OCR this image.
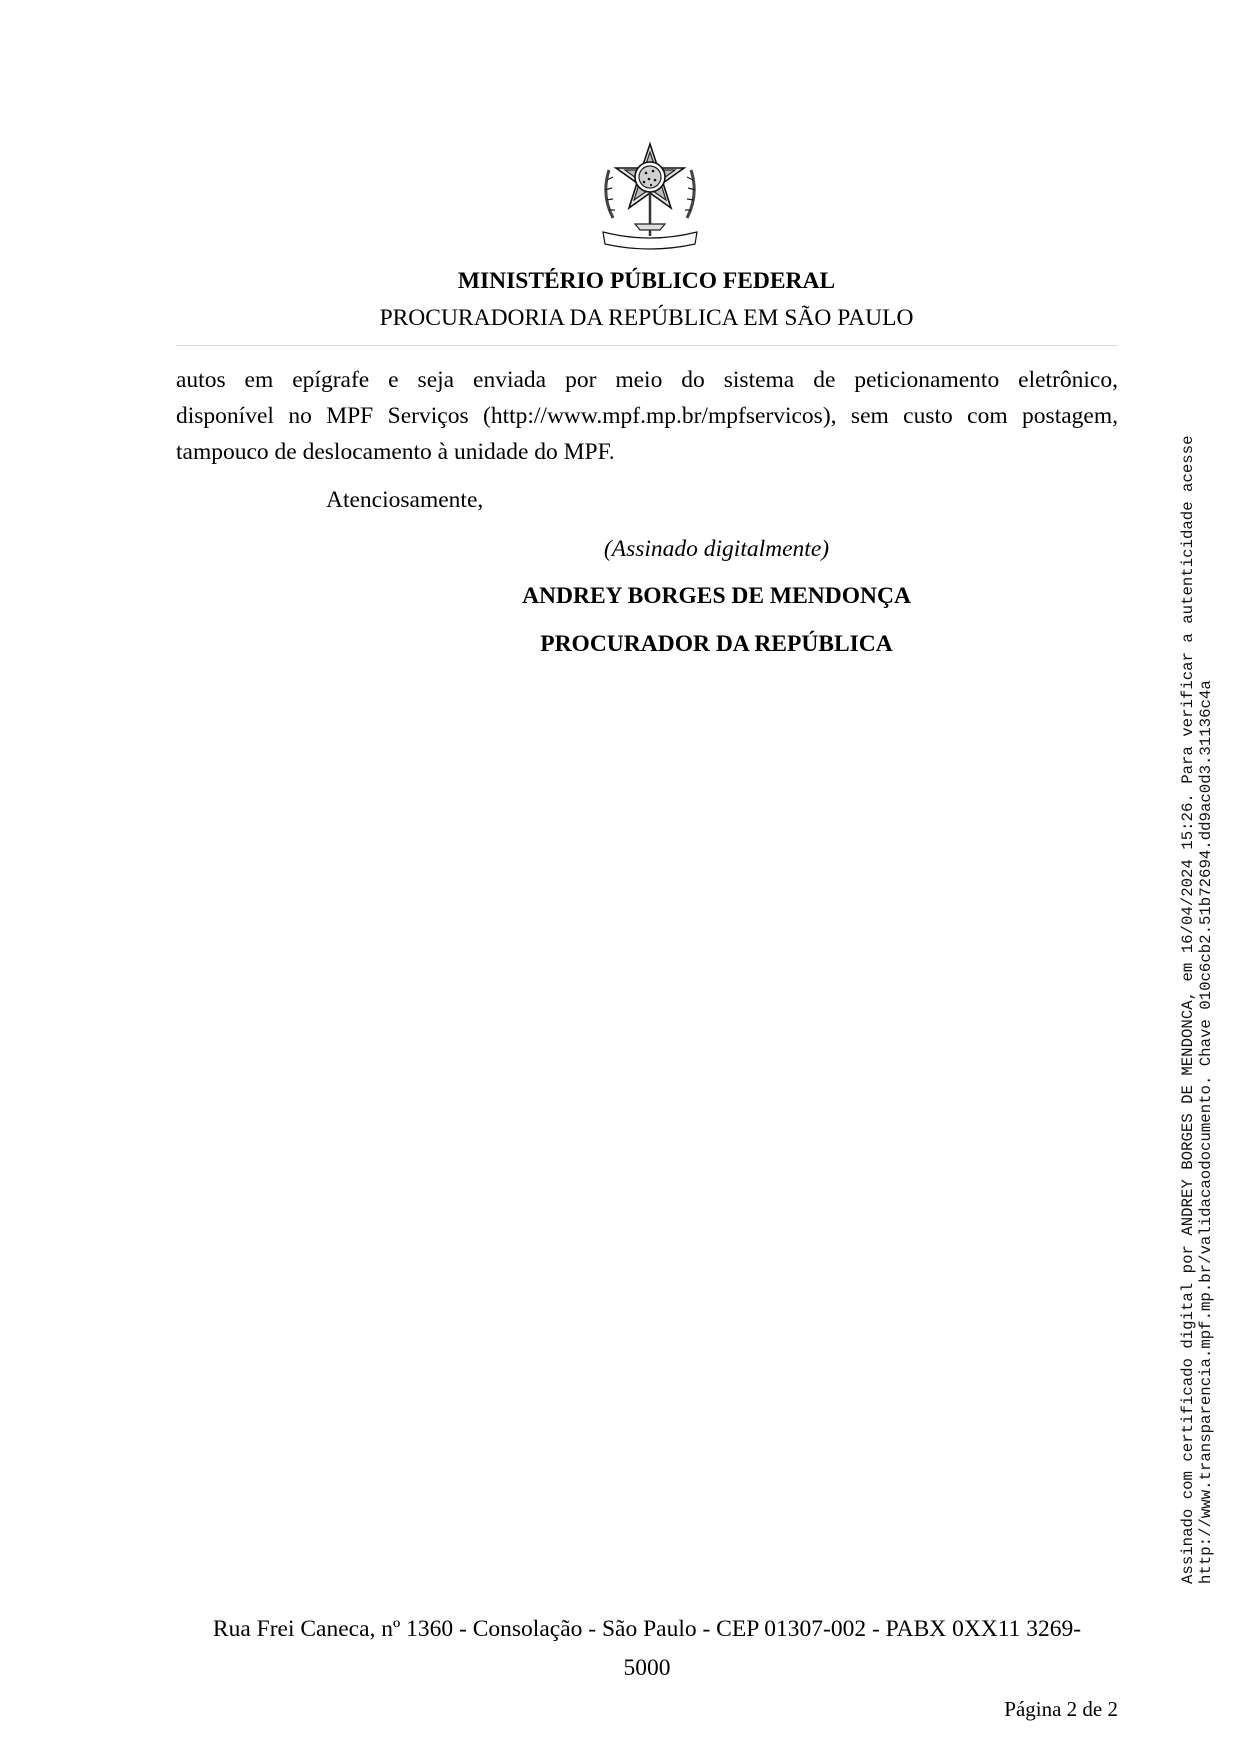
MINISTÉRIO PÚBLICO FEDERAL
PROCURADORIA DA REPÚBLICA EM SÃO PAULO
autos em epígrafe e seja enviada por meio do sistema de peticionamento eletrônico,
disponível no MPF Serviços (http://www.mpf.mp.br/mpfservicos), sem custo com postagem,
tampouco de deslocamento à unidade do MPF.
Atenciosamente,
(Assinado digitalmente)
ANDREY BORGES DE MENDONÇA
PROCURADOR DA REPÚBLICA	Assinado com certificado digital por ANDREY BORGES DE MENDONCA, em 16/04/2024 15:26. Para verificar a autenticidade acesse http://www.transparencia.mpf.mp.br/validacaodocumento. Chave 010c6cb2.51b72694.dd9ac0d3.31136c4a
Rua Frei Caneca, nº 1360 - Consolação - São Paulo - CEP 01307-002 - PABX 0XX11 3269-
5000
Página 2 de 2
